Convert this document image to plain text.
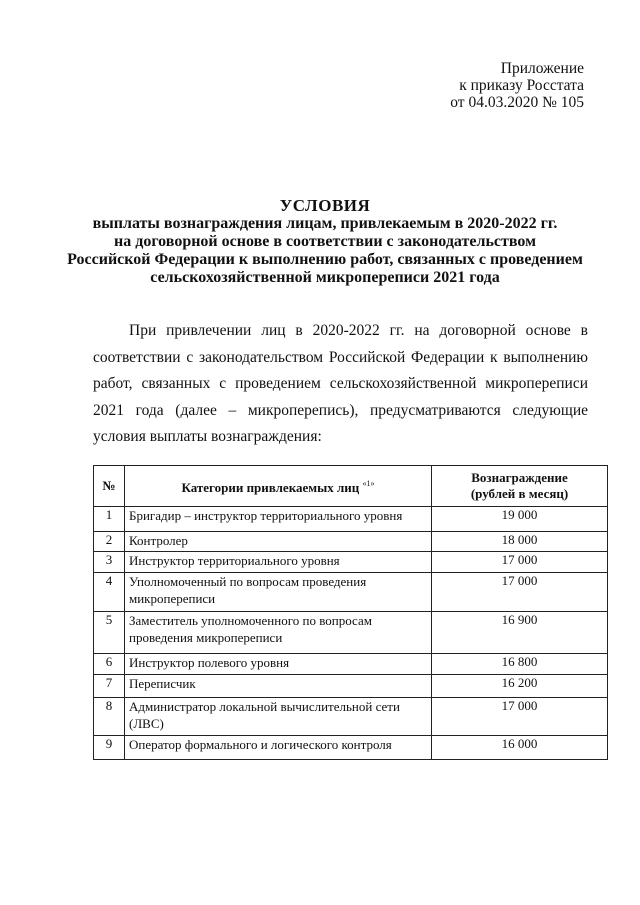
Приложение
к приказу Росстата
от 04.03.2020 № 105
УСЛОВИЯ
выплаты вознаграждения лицам, привлекаемым в 2020-2022 гг.
на договорной основе в соответствии с законодательством
Российской Федерации к выполнению работ, связанных с проведением
сельскохозяйственной микропереписи 2021 года
При привлечении лиц в 2020-2022 гг. на договорной основе в соответствии с законодательством Российской Федерации к выполнению работ, связанных с проведением сельскохозяйственной микропереписи 2021 года (далее – микроперепись), предусматриваются следующие условия выплаты вознаграждения:
№	Категории привлекаемых лиц $^{«1»}$	Вознаграждение
(рублей в месяц)

1	Бригадир – инструктор территориального уровня	19 000
2	Контролер	18 000
3	Инструктор территориального уровня	17 000
4	Уполномоченный по вопросам проведения микропереписи	17 000
5	Заместитель уполномоченного по вопросам проведения микропереписи	16 900
6	Инструктор полевого уровня	16 800
7	Переписчик	16 200
8	Администратор локальной вычислительной сети (ЛВС)	17 000
9	Оператор формального и логического контроля	16 000
